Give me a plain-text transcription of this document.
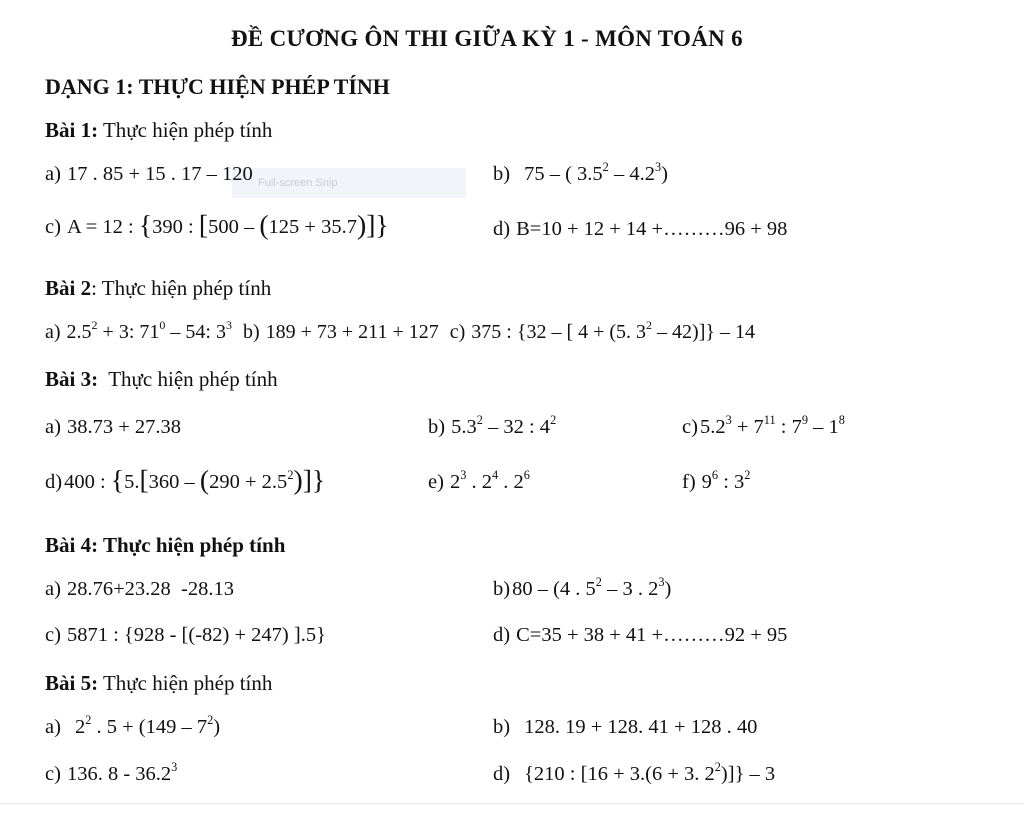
ĐỀ CƯƠNG ÔN THI GIỮA KỲ 1 - MÔN TOÁN 6
DẠNG 1: THỰC HIỆN PHÉP TÍNH
Bài 1: Thực hiện phép tính
Full-screen Snip
a) 17 . 85 + 15 . 17 – 120	b) 75 – ( $3.5^2 - 4.2^3$)
c) A = 12 : {390 : [500 – (125 + 35.7)]}	d) B=10 + 12 + 14 +………96 + 98
Bài 2: Thực hiện phép tính
a) $2.5^2 + 3$: $71^0 - 54$: $3^3$ b) 189 + 73 + 211 + 127 c) 375 : {32 – [ 4 + (5. $3^2 - 42)]\} - 14$
Bài 3: Thực hiện phép tính
a) 38.73 + 27.38	b) $5.3^2 - 32$ : $4^2$	$c)5.2^3 + 7^{11}$ : $7^9 - 1^8$
d)400 : $\{5.[360 - (290 + 2.5^2)]\}$	e) $2^3$ . $2^4$ . $2^6$	f) $9^6$ : $3^2$
Bài 4: Thực hiện phép tính
a) 28.76+23.28  -28.13	b)80 – (4 . $5^2 - 3$ . $2^3$)
c) 5871 : {928 - [(-82) + 247) ].5}	d) C=35 + 38 + 41 +………92 + 95
Bài 5: Thực hiện phép tính
a) $2^2$ . $5 + (149 - 7^2)$	b) 128. 19 + 128. 41 + 128 . 40
c) 136. 8 - 36.2$^3$	d) {210 : [16 + 3.(6 + 3. $2^2)]\} - 3$
